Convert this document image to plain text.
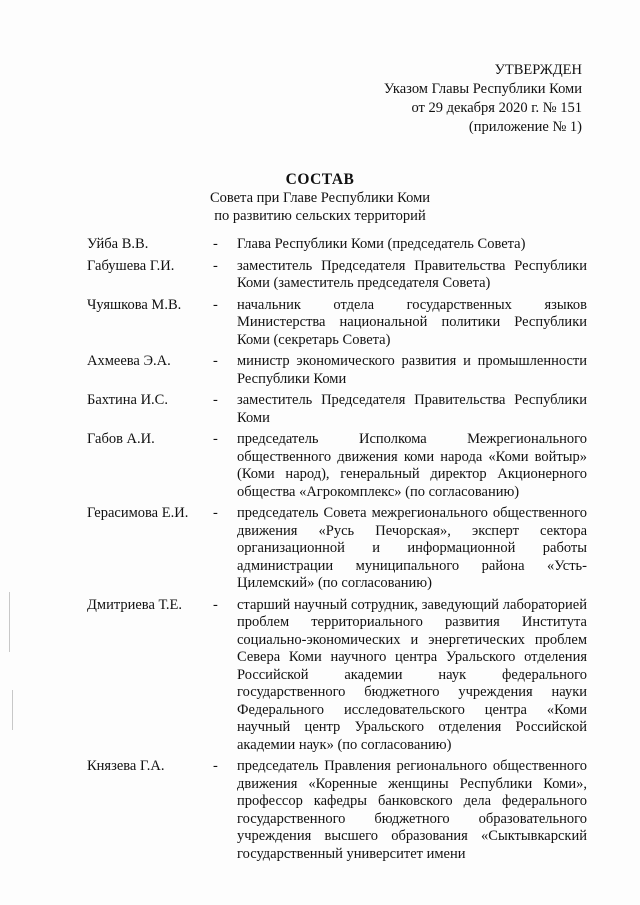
УТВЕРЖДЕН
Указом Главы Республики Коми
от 29 декабря 2020 г. № 151
(приложение № 1)
СОСТАВ
Совета при Главе Республики Коми
по развитию сельских территорий
Уйба В.В.	-	Глава Республики Коми (председатель Совета)
Габушева Г.И.	-	заместитель Председателя Правительства Республики Коми (заместитель председателя Совета)
Чуяшкова М.В.	-	начальник отдела государственных языков Министерства национальной политики Республики Коми (секретарь Совета)
Ахмеева Э.А.	-	министр экономического развития и промышленности Республики Коми
Бахтина И.С.	-	заместитель Председателя Правительства Республики Коми
Габов А.И.	-	председатель Исполкома Межрегионального общественного движения коми народа «Коми войтыр» (Коми народ), генеральный директор Акционерного общества «Агрокомплекс» (по согласованию)
Герасимова Е.И.	-	председатель Совета межрегионального общественного движения «Русь Печорская», эксперт сектора организационной и информационной работы администрации муниципального района «Усть-Цилемский» (по согласованию)
Дмитриева Т.Е.	-	старший научный сотрудник, заведующий лабораторией проблем территориального развития Института социально-экономических и энергетических проблем Севера Коми научного центра Уральского отделения Российской академии наук федерального государственного бюджетного учреждения науки Федерального исследовательского центра «Коми научный центр Уральского отделения Российской академии наук» (по согласованию)
Князева Г.А.	-	председатель Правления регионального общественного движения «Коренные женщины Республики Коми», профессор кафедры банковского дела федерального государственного бюджетного образовательного учреждения высшего образования «Сыктывкарский государственный университет имени
